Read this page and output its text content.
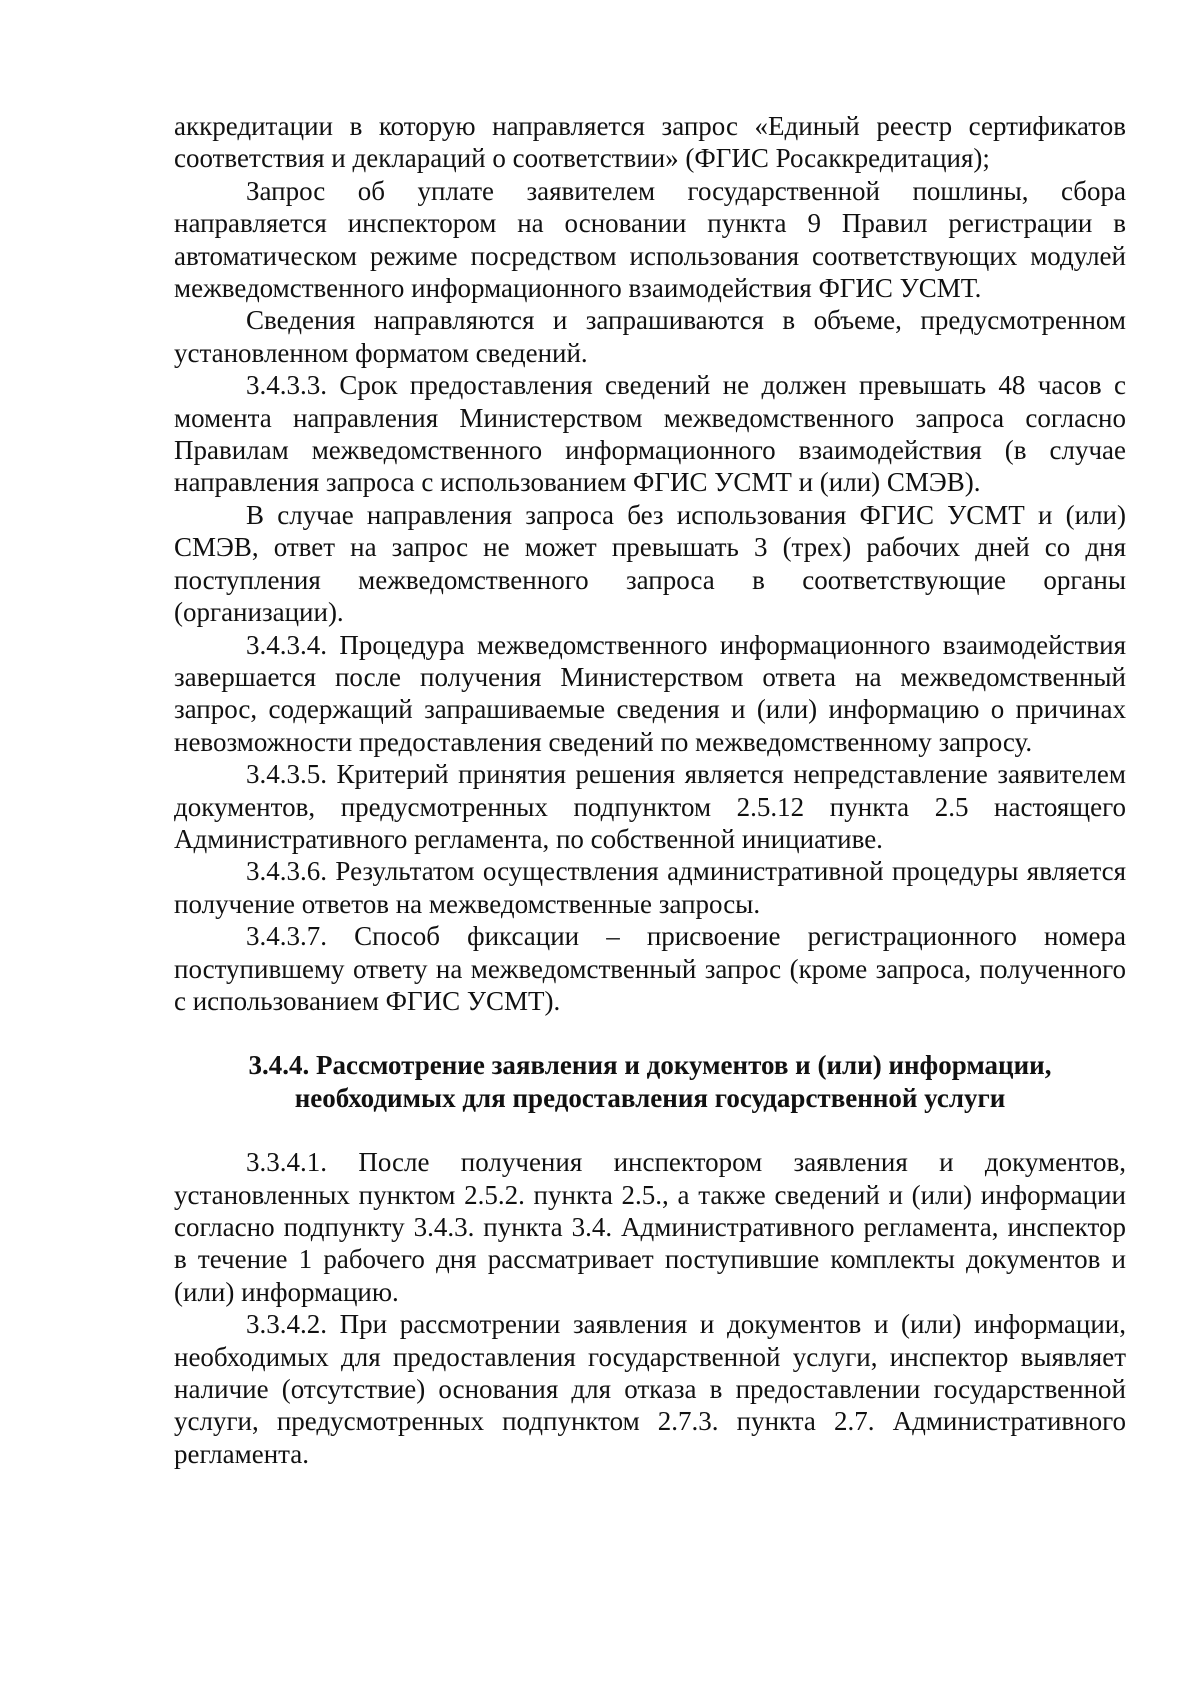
аккредитации в которую направляется запрос «Единый реестр сертификатов соответствия и деклараций о соответствии» (ФГИС Росаккредитация);

Запрос об уплате заявителем государственной пошлины, сбора направляется инспектором на основании пункта 9 Правил регистрации в автоматическом режиме посредством использования соответствующих модулей межведомственного информационного взаимодействия ФГИС УСМТ.

Сведения направляются и запрашиваются в объеме, предусмотренном установленном форматом сведений.

3.4.3.3. Срок предоставления сведений не должен превышать 48 часов с момента направления Министерством межведомственного запроса согласно Правилам межведомственного информационного взаимодействия (в случае направления запроса с использованием ФГИС УСМТ и (или) СМЭВ).

В случае направления запроса без использования ФГИС УСМТ и (или) СМЭВ, ответ на запрос не может превышать 3 (трех) рабочих дней со дня поступления межведомственного запроса в соответствующие органы (организации).

3.4.3.4. Процедура межведомственного информационного взаимодействия завершается после получения Министерством ответа на межведомственный запрос, содержащий запрашиваемые сведения и (или) информацию о причинах невозможности предоставления сведений по межведомственному запросу.

3.4.3.5. Критерий принятия решения является непредставление заявителем документов, предусмотренных подпунктом 2.5.12 пункта 2.5 настоящего Административного регламента, по собственной инициативе.

3.4.3.6. Результатом осуществления административной процедуры является получение ответов на межведомственные запросы.

3.4.3.7. Способ фиксации – присвоение регистрационного номера поступившему ответу на межведомственный запрос (кроме запроса, полученного с использованием ФГИС УСМТ).

3.4.4. Рассмотрение заявления и документов и (или) информации,

необходимых для предоставления государственной услуги

3.3.4.1. После получения инспектором заявления и документов, установленных пунктом 2.5.2. пункта 2.5., а также сведений и (или) информации согласно подпункту 3.4.3. пункта 3.4. Административного регламента, инспектор в течение 1 рабочего дня рассматривает поступившие комплекты документов и (или) информацию.

3.3.4.2. При рассмотрении заявления и документов и (или) информации, необходимых для предоставления государственной услуги, инспектор выявляет наличие (отсутствие) основания для отказа в предоставлении государственной услуги, предусмотренных подпунктом 2.7.3. пункта 2.7. Административного регламента.
